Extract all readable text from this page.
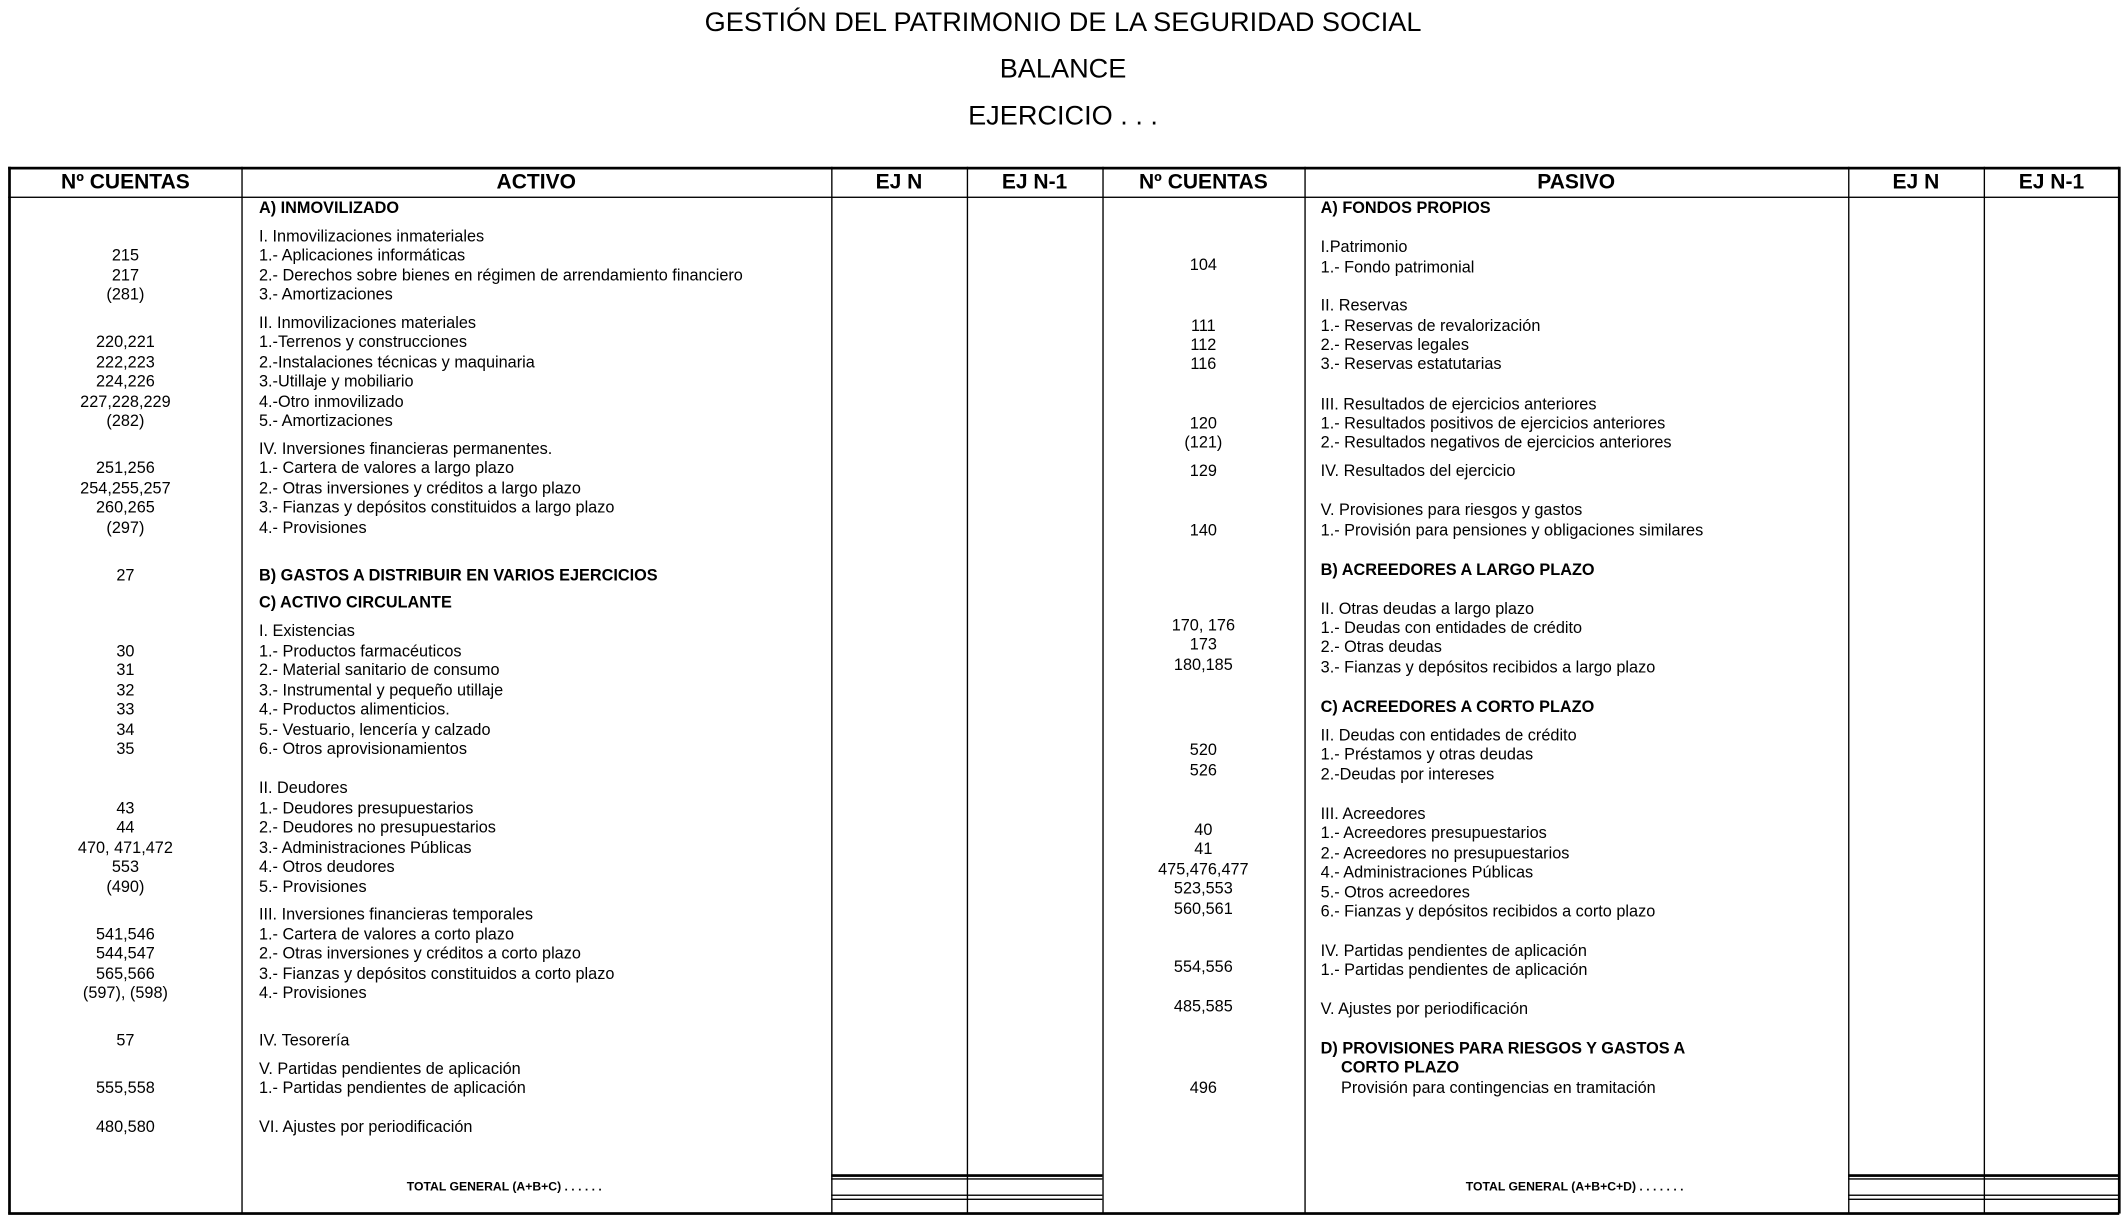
GESTIÓN DEL PATRIMONIO DE LA SEGURIDAD SOCIAL
BALANCE
EJERCICIO . . .
Nº CUENTAS	ACTIVO	EJ N	EJ N-1	Nº CUENTAS	PASIVO	EJ N	EJ N-1
TOTAL GENERAL (A+B+C) . . . . . .	TOTAL GENERAL (A+B+C+D) . . . . . . .
A) INMOVILIZADO
I. Inmovilizaciones inmateriales
215	1.- Aplicaciones informáticas
217	2.- Derechos sobre bienes en régimen de arrendamiento financiero
(281)	3.- Amortizaciones
II. Inmovilizaciones materiales
220,221	1.-Terrenos y construcciones
222,223	2.-Instalaciones técnicas y maquinaria
224,226	3.-Utillaje y mobiliario
227,228,229	4.-Otro inmovilizado
(282)	5.- Amortizaciones
IV. Inversiones financieras permanentes.
251,256	1.- Cartera de valores a largo plazo
254,255,257	2.- Otras inversiones y créditos a largo plazo
260,265	3.- Fianzas y depósitos constituidos a largo plazo
(297)	4.- Provisiones
27	B) GASTOS A DISTRIBUIR EN VARIOS EJERCICIOS
C) ACTIVO CIRCULANTE
I. Existencias
30	1.- Productos farmacéuticos
31	2.- Material sanitario de consumo
32	3.- Instrumental y pequeño utillaje
33	4.- Productos alimenticios.
34	5.- Vestuario, lencería y calzado
35	6.- Otros aprovisionamientos
II. Deudores
43	1.- Deudores presupuestarios
44	2.- Deudores no presupuestarios
470, 471,472	3.- Administraciones Públicas
553	4.- Otros deudores
(490)	5.- Provisiones
III. Inversiones financieras temporales
541,546	1.- Cartera de valores a corto plazo
544,547	2.- Otras inversiones y créditos a corto plazo
565,566	3.- Fianzas y depósitos constituidos a corto plazo
(597), (598)	4.- Provisiones
57	IV. Tesorería
V. Partidas pendientes de aplicación
555,558	1.- Partidas pendientes de aplicación
480,580	VI. Ajustes por periodificación
A) FONDOS PROPIOS
I.Patrimonio
104	1.- Fondo patrimonial
II. Reservas
111	1.- Reservas de revalorización
112	2.- Reservas legales
116	3.- Reservas estatutarias
III. Resultados de ejercicios anteriores
120	1.- Resultados positivos de ejercicios anteriores
(121)	2.- Resultados negativos de ejercicios anteriores
129	IV. Resultados del ejercicio
V. Provisiones para riesgos y gastos
140	1.- Provisión para pensiones y obligaciones similares
B) ACREEDORES A LARGO PLAZO
II. Otras deudas a largo plazo
170, 176	1.- Deudas con entidades de crédito
173	2.- Otras deudas
180,185	3.- Fianzas y depósitos recibidos a largo plazo
C) ACREEDORES A CORTO PLAZO
II. Deudas con entidades de crédito
520	1.- Préstamos y otras deudas
526	2.-Deudas por intereses
III. Acreedores
40	1.- Acreedores presupuestarios
41	2.- Acreedores no presupuestarios
475,476,477	4.- Administraciones Públicas
523,553	5.- Otros acreedores
560,561	6.- Fianzas y depósitos recibidos a corto plazo
IV. Partidas pendientes de aplicación
554,556	1.- Partidas pendientes de aplicación
485,585	V. Ajustes por periodificación
D) PROVISIONES PARA RIESGOS Y GASTOS A
CORTO PLAZO
496	Provisión para contingencias en tramitación
